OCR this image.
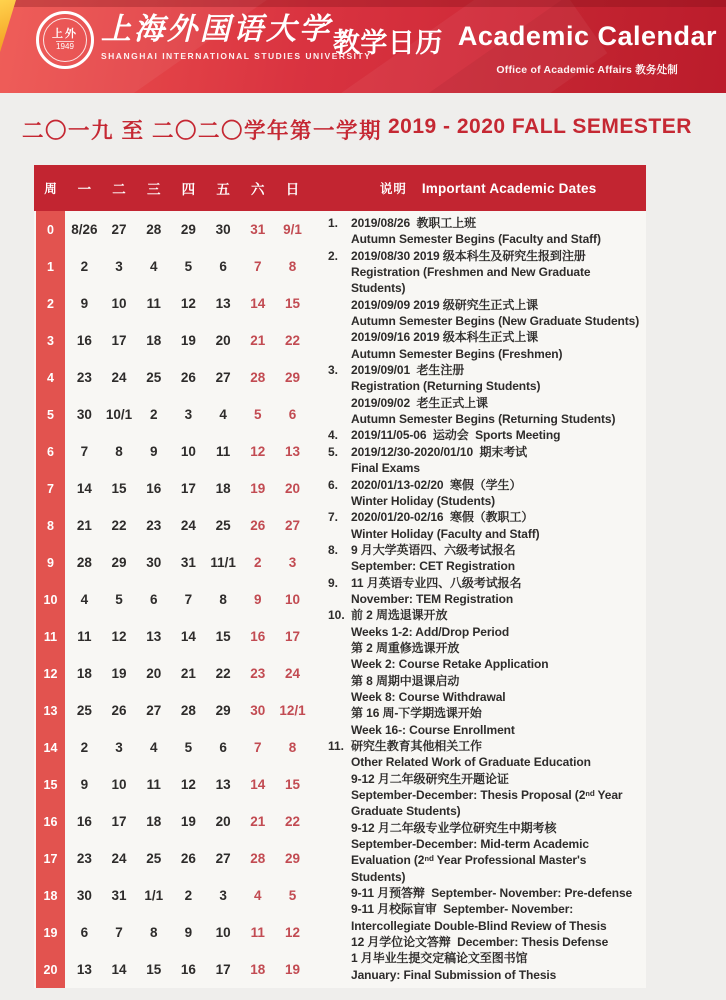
上外
1949
上海外国语大学
SHANGHAI INTERNATIONAL STUDIES UNIVERSITY
教学日历 Academic Calendar
Office of Academic Affairs 教务处制
二〇一九 至 二〇二〇学年第一学期 2019 - 2020 FALL SEMESTER
周	一	二	三	四	五	六	日	说明 Important Academic Dates
0	8/26	27	28	29	30	31	9/1
1	2	3	4	5	6	7	8
2	9	10	11	12	13	14	15
3	16	17	18	19	20	21	22
4	23	24	25	26	27	28	29
5	30	10/1	2	3	4	5	6
6	7	8	9	10	11	12	13
7	14	15	16	17	18	19	20
8	21	22	23	24	25	26	27
9	28	29	30	31	11/1	2	3
10	4	5	6	7	8	9	10
11	11	12	13	14	15	16	17
12	18	19	20	21	22	23	24
13	25	26	27	28	29	30	12/1
14	2	3	4	5	6	7	8
15	9	10	11	12	13	14	15
16	16	17	18	19	20	21	22
17	23	24	25	26	27	28	29
18	30	31	1/1	2	3	4	5
19	6	7	8	9	10	11	12
20	13	14	15	16	17	18	19
1.	2019/08/26  教职工上班
Autumn Semester Begins (Faculty and Staff)
2.	2019/08/30 2019 级本科生及研究生报到注册
Registration (Freshmen and New Graduate
Students)
2019/09/09 2019 级研究生正式上课
Autumn Semester Begins (New Graduate Students)
2019/09/16 2019 级本科生正式上课
Autumn Semester Begins (Freshmen)
3.	2019/09/01  老生注册
Registration (Returning Students)
2019/09/02  老生正式上课
Autumn Semester Begins (Returning Students)
4.	2019/11/05-06  运动会  Sports Meeting
5.	2019/12/30-2020/01/10  期末考试
Final Exams
6.	2020/01/13-02/20  寒假（学生）
Winter Holiday (Students)
7.	2020/01/20-02/16  寒假（教职工）
Winter Holiday (Faculty and Staff)
8.	9 月大学英语四、六级考试报名
September: CET Registration
9.	11 月英语专业四、八级考试报名
November: TEM Registration
10. 前 2 周选退课开放
Weeks 1-2: Add/Drop Period
第 2 周重修选课开放
Week 2: Course Retake Application
第 8 周期中退课启动
Week 8: Course Withdrawal
第 16 周-下学期选课开始
Week 16-: Course Enrollment
11. 研究生教育其他相关工作
Other Related Work of Graduate Education
9-12 月二年级研究生开题论证
September-December: Thesis Proposal (2ⁿᵈ Year
Graduate Students)
9-12 月二年级专业学位研究生中期考核
September-December: Mid-term Academic
Evaluation (2ⁿᵈ Year Professional Master's Students)
9-11 月预答辩  September- November: Pre-defense
9-11 月校际盲审  September- November:
Intercollegiate Double-Blind Review of Thesis
12 月学位论文答辩  December: Thesis Defense
1 月毕业生提交定稿论文至图书馆
January: Final Submission of Thesis
